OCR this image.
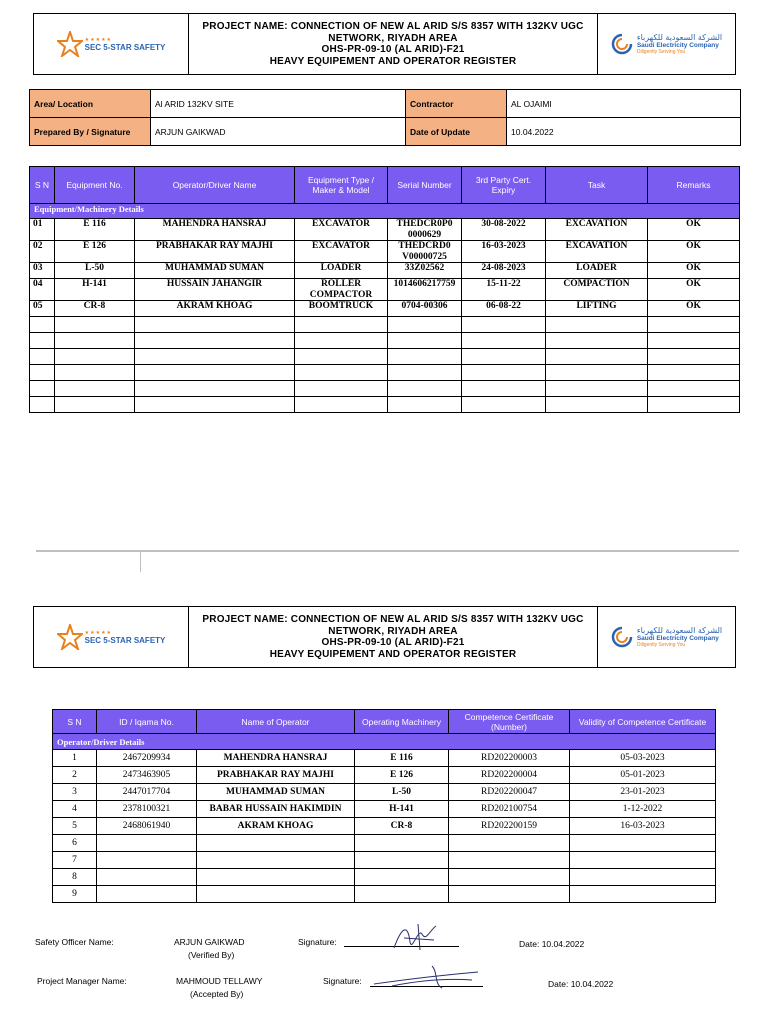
★★★★★
SEC 5-STAR SAFETY
PROJECT NAME: CONNECTION OF NEW AL ARID S/S 8357 WITH 132KV UGC
NETWORK, RIYADH AREA
OHS-PR-09-10 (AL ARID)-F21
HEAVY EQUIPEMENT AND OPERATOR REGISTER
الشركة السعودية للكهرباء
Saudi Electricity Company
Diligently Serving You
Area/ Location	Al ARID 132KV SITE	Contractor	AL OJAIMI
Prepared By / Signature	ARJUN GAIKWAD	Date of Update	10.04.2022
Equipment/Machinery Details							
S N	Equipment No.	Operator/Driver Name	Equipment Type / Maker & Model	Serial Number	3rd Party Cert. Expiry	Task	Remarks
01	E 116	MAHENDRA HANSRAJ	EXCAVATOR	THEDCR0P0 0000629	30-08-2022	EXCAVATION	OK
02	E 126	PRABHAKAR RAY MAJHI	EXCAVATOR	THEDCRD0 V00000725	16-03-2023	EXCAVATION	OK
03	L-50	MUHAMMAD SUMAN	LOADER	33Z02562	24-08-2023	LOADER	OK
04	H-141	HUSSAIN JAHANGIR	ROLLER COMPACTOR	1014606217759	15-11-22	COMPACTION	OK
05	CR-8	AKRAM KHOAG	BOOMTRUCK	0704-00306	06-08-22	LIFTING	OK

★★★★★
SEC 5-STAR SAFETY
PROJECT NAME: CONNECTION OF NEW AL ARID S/S 8357 WITH 132KV UGC
NETWORK, RIYADH AREA
OHS-PR-09-10 (AL ARID)-F21
HEAVY EQUIPEMENT AND OPERATOR REGISTER
الشركة السعودية للكهرباء
Saudi Electricity Company
Diligently Serving You
Operator/Driver Details					
S N	ID / Iqama No.	Name of Operator	Operating Machinery	Competence Certificate (Number)	Validity of Competence Certificate
1	2467209934	MAHENDRA HANSRAJ	E 116	RD202200003	05-03-2023
2	2473463905	PRABHAKAR RAY MAJHI	E 126	RD202200004	05-01-2023
3	2447017704	MUHAMMAD SUMAN	L-50	RD202200047	23-01-2023
4	2378100321	BABAR HUSSAIN HAKIMDIN	H-141	RD202100754	1-12-2022
5	2468061940	AKRAM KHOAG	CR-8	RD202200159	16-03-2023
6					
7					
8					
9					
Safety Officer Name:	ARJUN GAIKWAD
(Verified By)
Signature:	Date: 10.04.2022
Project Manager Name:	MAHMOUD TELLAWY
(Accepted By)
Signature:	Date: 10.04.2022
